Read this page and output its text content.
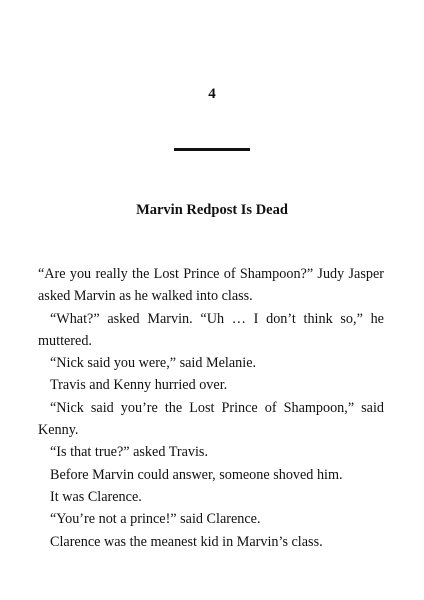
4
Marvin Redpost Is Dead

“Are you really the Lost Prince of Shampoon?” Judy Jasper asked Marvin as he walked into class.

“What?” asked Marvin. “Uh … I don’t think so,” he muttered.

“Nick said you were,” said Melanie.

Travis and Kenny hurried over.

“Nick said you’re the Lost Prince of Shampoon,” said Kenny.

“Is that true?” asked Travis.

Before Marvin could answer, someone shoved him.

It was Clarence.

“You’re not a prince!” said Clarence.

Clarence was the meanest kid in Marvin’s class.
